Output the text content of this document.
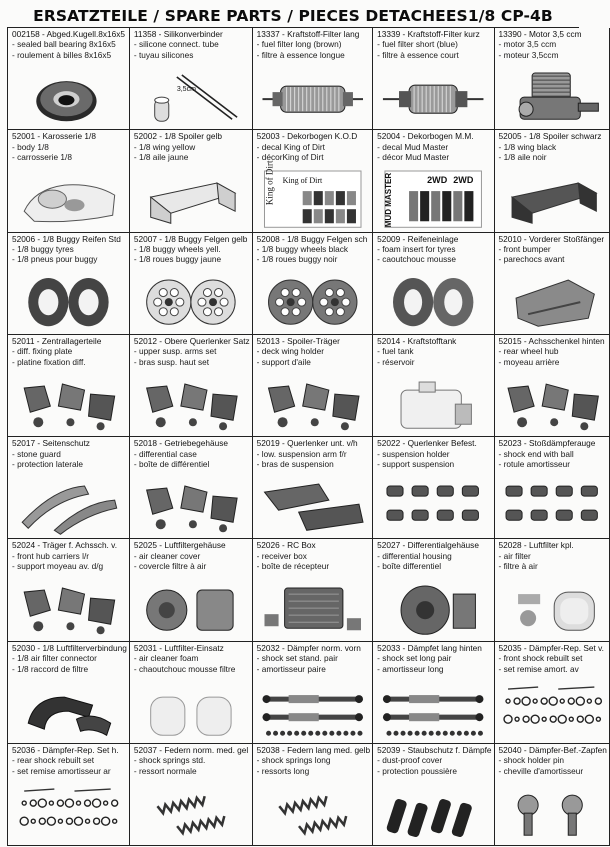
ERSATZTEILE / SPARE PARTS / PIECES DETACHEES1/8 CP-4B
002158 - Abged.Kugell.8x16x5
- sealed ball bearing 8x16x5
- roulement à billes 8x16x5
11358 - Silikonverbinder
- silicone connect. tube
- tuyau silicones
3,5cm
13337 - Kraftstoff-Filter lang
- fuel filter long (brown)
- filtre à essence longue
13339 - Kraftstoff-Filter kurz
- fuel filter short (blue)
- filtre à essence court
13390 - Motor 3,5 ccm
- motor 3,5 ccm
- moteur 3,5ccm
52001 - Karosserie 1/8
- body 1/8
- carrosserie 1/8
52002 - 1/8 Spoiler gelb
- 1/8 wing yellow
- 1/8 aile jaune
52003 - Dekorbogen K.O.D
- decal King of Dirt
- décorKing of Dirt
King of Dirt King of Dirt
52004 - Dekorbogen M.M.
- decal Mud Master
- décor Mud Master
MUD MASTER	2WD 2WD
52005 - 1/8 Spoiler schwarz
- 1/8 wing black
- 1/8 aile noir
52006 - 1/8 Buggy Reifen Std
- 1/8 buggy tyres
- 1/8 pneus pour buggy
52007 - 1/8 Buggy Felgen gelb
- 1/8 buggy wheels yell.
- 1/8 roues buggy jaune
52008 - 1/8 Buggy Felgen sch
- 1/8 buggy wheels black
- 1/8 roues buggy noir
52009 - Reifeneinlage
- foam insert for tyres
- caoutchouc mousse
52010 - Vorderer Stoßfänger
- front bumper
- parechocs avant
52011 - Zentrallagerteile
- diff. fixing plate
- platine fixation diff.
52012 - Obere Querlenker Satz
- upper susp. arms set
- bras susp. haut set
52013 - Spoiler-Träger
- deck wing holder
- support d'aile
52014 - Kraftstofftank
- fuel tank
- réservoir
52015 - Achsschenkel hinten
- rear wheel hub
- moyeau arrière
52017 - Seitenschutz
- stone guard
- protection laterale
52018 - Getriebegehäuse
- differential case
- boîte de différentiel
52019 - Querlenker unt. v/h
- low. suspension arm f/r
- bras de suspension
52022 - Querlenker Befest.
- suspension holder
- support suspension
52023 - Stoßdämpferauge
- shock end with ball
- rotule amortisseur
52024 - Träger f. Achssch. v.
- front hub carriers l/r
- support moyeau av. d/g
52025 - Luftfiltergehäuse
- air cleaner cover
- covercle filtre à air
52026 - RC Box
- receiver box
- boîte de récepteur
52027 - Differentialgehäuse
- differential housing
- boîte differentiel
52028 - Luftfilter kpl.
- air filter
- filtre à air
52030 - 1/8 Luftfilterverbindung
- 1/8 air filter connector
- 1/8 raccord de filtre
52031 - Luftfilter-Einsatz
- air cleaner foam
- chaoutchouc mousse filtre
52032 - Dämpfer norm. vorn
- shock set stand. pair
- amortisseur paire
52033 - Dämpfet lang hinten
- shock set long pair
- amortisseur long
52035 - Dämpfer-Rep. Set v.
- front shock rebuilt set
- set remise amort. av
52036 - Dämpfer-Rep. Set h.
- rear shock rebuilt set
- set remise amortisseur ar
52037 - Federn norm. med. gel
- shock springs std.
- ressort normale
52038 - Federn lang med. gelb
- shock springs long
- ressorts long
52039 - Staubschutz f. Dämpfe
- dust-proof cover
- protection poussière
52040 - Dämpfer-Bef.-Zapfen
- shock holder pin
- cheville d'amortisseur
